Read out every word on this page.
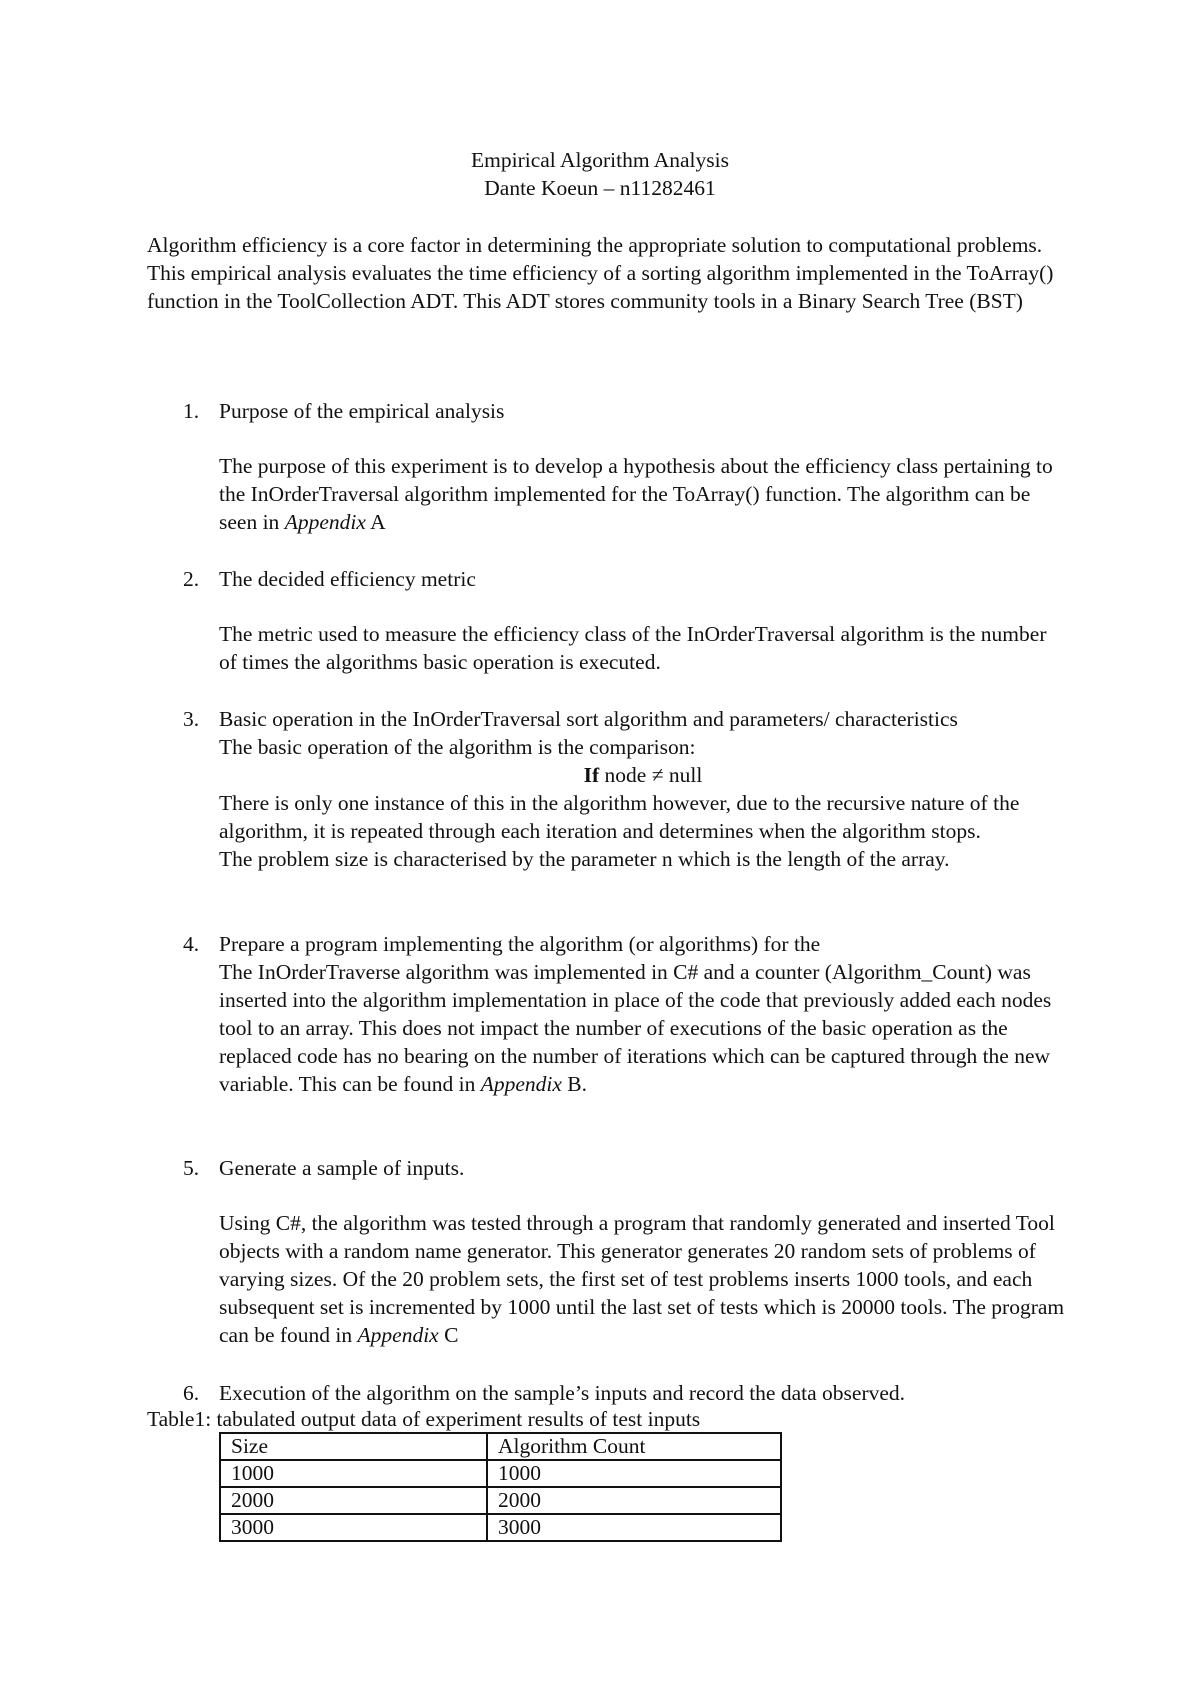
Empirical Algorithm Analysis
Dante Koeun – n11282461

Algorithm efficiency is a core factor in determining the appropriate solution to computational problems. This empirical analysis evaluates the time efficiency of a sorting algorithm implemented in the ToArray() function in the ToolCollection ADT. This ADT stores community tools in a Binary Search Tree (BST)

1. Purpose of the empirical analysis

The purpose of this experiment is to develop a hypothesis about the efficiency class pertaining to the InOrderTraversal algorithm implemented for the ToArray() function. The algorithm can be seen in Appendix A

2. The decided efficiency metric

The metric used to measure the efficiency class of the InOrderTraversal algorithm is the number of times the algorithms basic operation is executed.

3. Basic operation in the InOrderTraversal sort algorithm and parameters/ characteristics
The basic operation of the algorithm is the comparison:
If node ≠ null

There is only one instance of this in the algorithm however, due to the recursive nature of the algorithm, it is repeated through each iteration and determines when the algorithm stops.

The problem size is characterised by the parameter n which is the length of the array.

4. Prepare a program implementing the algorithm (or algorithms) for the

The InOrderTraverse algorithm was implemented in C# and a counter (Algorithm_Count) was inserted into the algorithm implementation in place of the code that previously added each nodes tool to an array. This does not impact the number of executions of the basic operation as the replaced code has no bearing on the number of iterations which can be captured through the new variable. This can be found in Appendix B.

5. Generate a sample of inputs.

Using C#, the algorithm was tested through a program that randomly generated and inserted Tool objects with a random name generator. This generator generates 20 random sets of problems of varying sizes. Of the 20 problem sets, the first set of test problems inserts 1000 tools, and each subsequent set is incremented by 1000 until the last set of tests which is 20000 tools. The program can be found in Appendix C

6. Execution of the algorithm on the sample’s inputs and record the data observed.
Table1: tabulated output data of experiment results of test inputs
Size	Algorithm Count
1000	1000
2000	2000
3000	3000
